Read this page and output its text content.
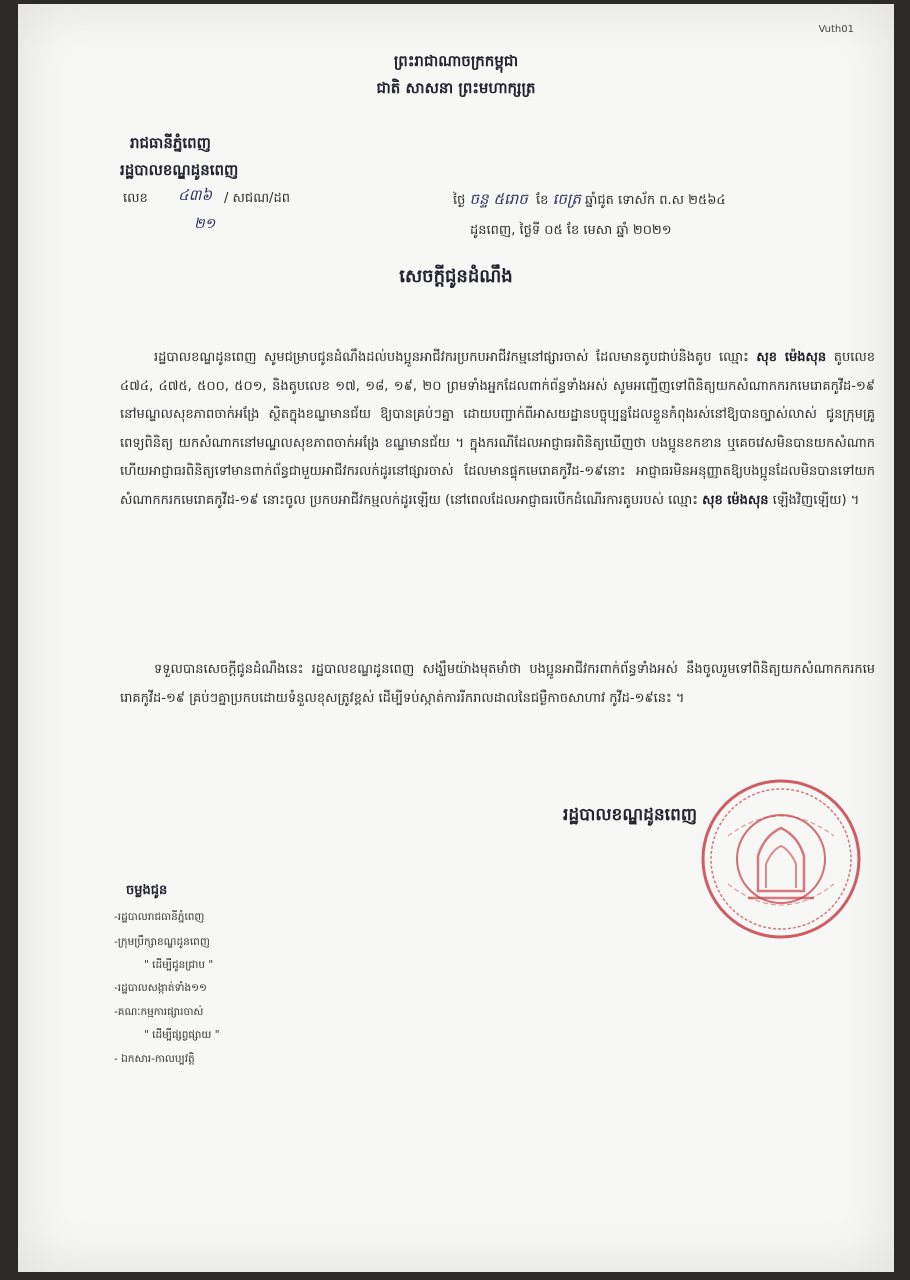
Vuth01
ព្រះរាជាណាចក្រកម្ពុជា
ជាតិ សាសនា ព្រះមហាក្សត្រ
រាជធានីភ្នំពេញ
រដ្ឋបាលខណ្ឌដូនពេញ
លេខ	/ សជណ/ដព
៤៣៦
២១
ថ្ងៃ ចន្ទ ៥រោច ខែ ចេត្រ ឆ្នាំជូត ទោស័ក ព.ស ២៥៦៤
ដូនពេញ, ថ្ងៃទី ០៥ ខែ មេសា ឆ្នាំ ២០២១
សេចក្តីជូនដំណឹង

រដ្ឋបាលខណ្ឌដូនពេញ សូមជម្រាបជូនដំណឹងដល់បងប្អូនអាជីវករប្រកបអាជីវកម្មនៅផ្សារចាស់ ដែលមានតូបជាប់និងតូប ឈ្មោះ សុខ ម៉េងសុន តូបលេខ ៤៧៤, ៤៧៥, ៥០០, ៥០១, និងតូបលេខ ១៧, ១៨, ១៩, ២០ ព្រមទាំងអ្នកដែលពាក់ព័ន្ធទាំងអស់ សូមអញ្ជើញទៅពិនិត្យយកសំណាកករកមេរោគកូវីដ-១៩ នៅមណ្ឌលសុខភាពចាក់អង្រែ ស្ថិតក្នុងខណ្ឌមានជ័យ ឱ្យបានគ្រប់ៗគ្នា ដោយបញ្ជាក់ពីអាសយដ្ឋានបច្ចុប្បន្នដែលខ្លួនកំពុងរស់នៅឱ្យបានច្បាស់លាស់ ជូនក្រុមគ្រូពេទ្យពិនិត្យ យកសំណាកនៅមណ្ឌលសុខភាពចាក់អង្រែ ខណ្ឌមានជ័យ ។ ក្នុងករណីដែលអាជ្ញាធរពិនិត្យឃើញថា បងប្អូនខកខាន ឬគេចវេសមិនបានយកសំណាក ហើយអាជ្ញាធរពិនិត្យទៅមានពាក់ព័ន្ធជាមួយអាជីវករលក់ដូរនៅផ្សារចាស់ ដែលមានផ្ទុកមេរោគកូវីដ-១៩នោះ អាជ្ញាធរមិនអនុញ្ញាតឱ្យបងប្អូនដែលមិនបានទៅយកសំណាកករកមេរោគកូវីដ-១៩ នោះចូល ប្រកបអាជីវកម្មលក់ដូរឡើយ (នៅពេលដែលអាជ្ញាធរបើកដំណើរការតូបរបស់ ឈ្មោះ សុខ ម៉េងសុន ឡើងវិញឡើយ) ។

ទទួលបានសេចក្តីជូនដំណឹងនេះ រដ្ឋបាលខណ្ឌដូនពេញ សង្ឃឹមយ៉ាងមុតមាំថា បងប្អូនអាជីវករពាក់ព័ន្ធទាំងអស់ នឹងចូលរួមទៅពិនិត្យយកសំណាកករកមេរោគកូវីដ-១៩ គ្រប់ៗគ្នាប្រកបដោយទំនួលខុសត្រូវខ្ពស់ ដើម្បីទប់ស្កាត់ការរីករាលដាលនៃជម្ងឺកាចសាហាវ កូវីដ-១៩នេះ ។

រដ្ឋបាលខណ្ឌដូនពេញ
ចម្លងជូន
-រដ្ឋបាលរាជធានីភ្នំពេញ
-ក្រុមប្រឹក្សាខណ្ឌដូនពេញ
" ដើម្បីជូនជ្រាប "
-រដ្ឋបាលសង្កាត់ទាំង១១
-គណៈកម្មការផ្សារចាស់
" ដើម្បីផ្សព្វផ្សាយ "
- ឯកសារ-កាលប្បវត្តិ
